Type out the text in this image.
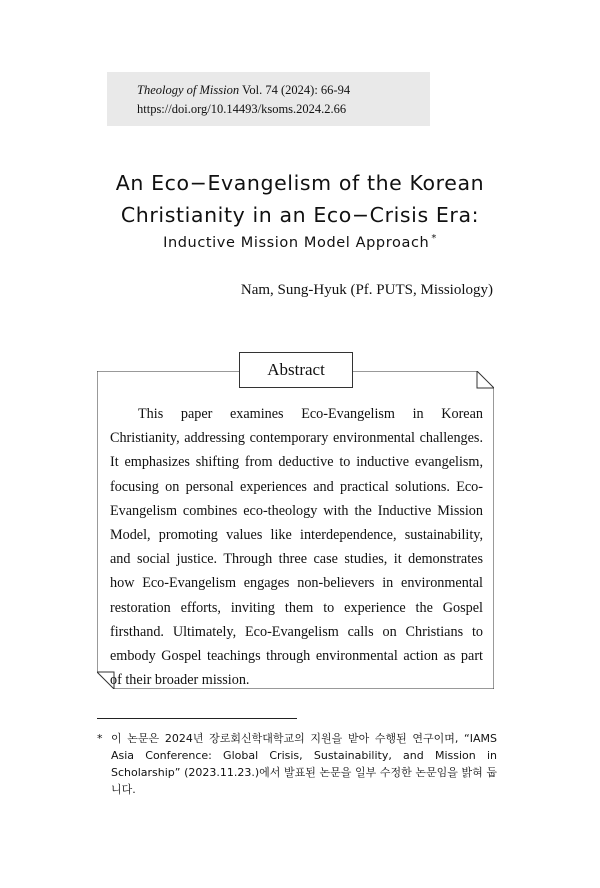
Theology of Mission Vol. 74 (2024): 66-94
https://doi.org/10.14493/ksoms.2024.2.66
An Eco−Evangelism of the Korean
Christianity in an Eco−Crisis Era:
Inductive Mission Model Approach *
Nam, Sung-Hyuk (Pf. PUTS, Missiology)
Abstract
This paper examines Eco-Evangelism in Korean Christianity, addressing contemporary environmental challenges. It emphasizes shifting from deductive to inductive evangelism, focusing on personal experiences and practical solutions. Eco-Evangelism combines eco-theology with the Inductive Mission Model, promoting values like interdependence, sustainability, and social justice. Through three case studies, it demonstrates how Eco-Evangelism engages non-believers in environmental restoration efforts, inviting them to experience the Gospel firsthand. Ultimately, Eco-Evangelism calls on Christians to embody Gospel teachings through environmental action as part of their broader mission.
* 이 논문은 2024년 장로회신학대학교의 지원을 받아 수행된 연구이며, “IAMS Asia Conference: Global Crisis, Sustainability, and Mission in Scholarship” (2023.11.23.)에서 발표된 논문을 일부 수정한 논문임을 밝혀 둡니다.
